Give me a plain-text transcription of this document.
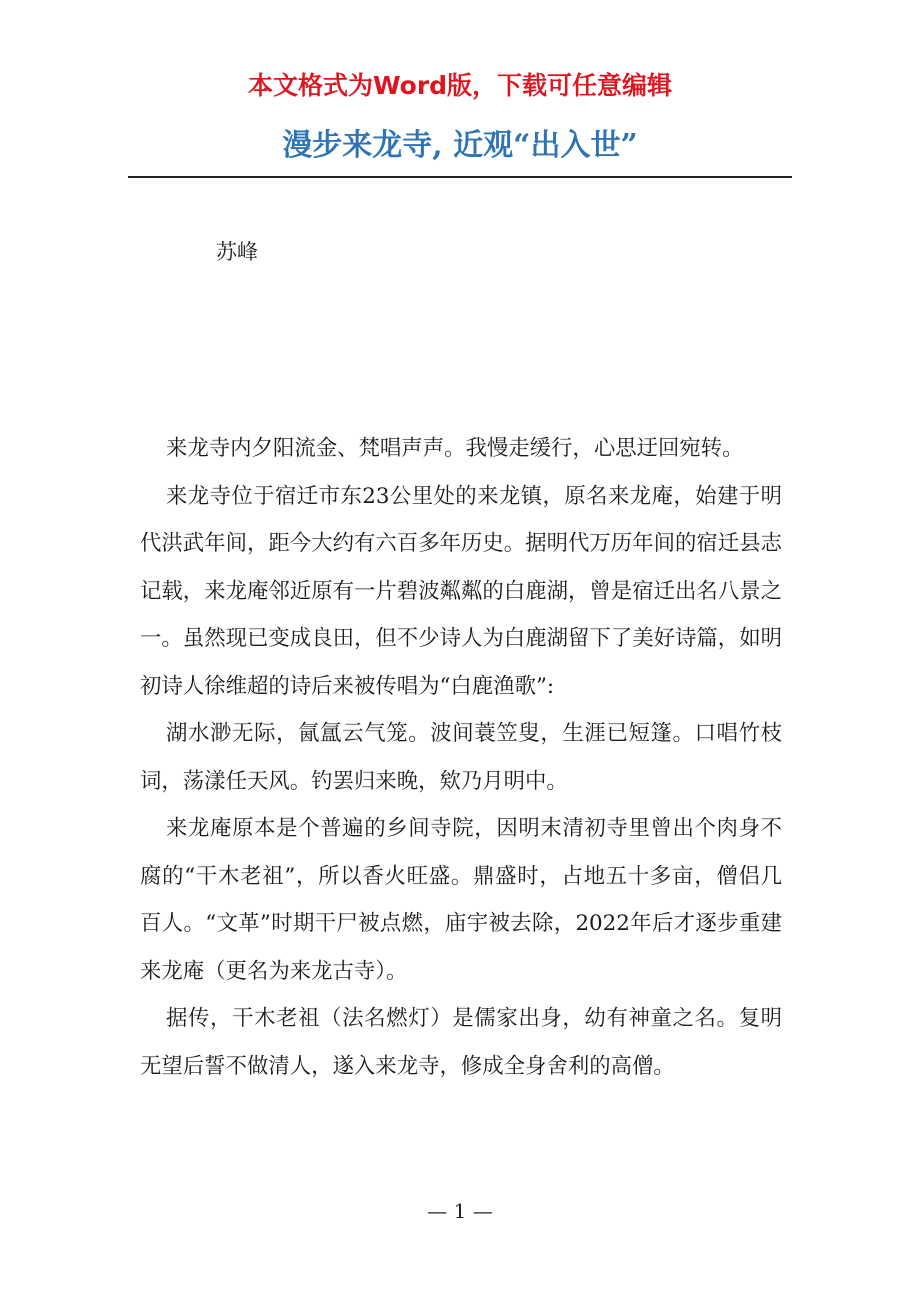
本文格式为Word版，下载可任意编辑
漫步来龙寺, 近观“出入世”
苏峰

来龙寺内夕阳流金、梵唱声声。我慢走缓行，心思迂回宛转。

来龙寺位于宿迁市东23公里处的来龙镇，原名来龙庵，始建于明代洪武年间，距今大约有六百多年历史。据明代万历年间的宿迁县志记载，来龙庵邻近原有一片碧波粼粼的白鹿湖，曾是宿迁出名八景之一。虽然现已变成良田，但不少诗人为白鹿湖留下了美好诗篇，如明初诗人徐维超的诗后来被传唱为“白鹿渔歌”:

湖水渺无际，氤氲云气笼。波间蓑笠叟，生涯已短篷。口唱竹枝词，荡漾任天风。钓罢归来晚，欸乃月明中。

来龙庵原本是个普遍的乡间寺院，因明末清初寺里曾出个肉身不腐的“干木老祖”，所以香火旺盛。鼎盛时，占地五十多亩，僧侣几百人。“文革”时期干尸被点燃，庙宇被去除，2022年后才逐步重建来龙庵（更名为来龙古寺）。

据传，干木老祖（法名燃灯）是儒家出身，幼有神童之名。复明无望后誓不做清人，遂入来龙寺，修成全身舍利的高僧。

— 1 —
